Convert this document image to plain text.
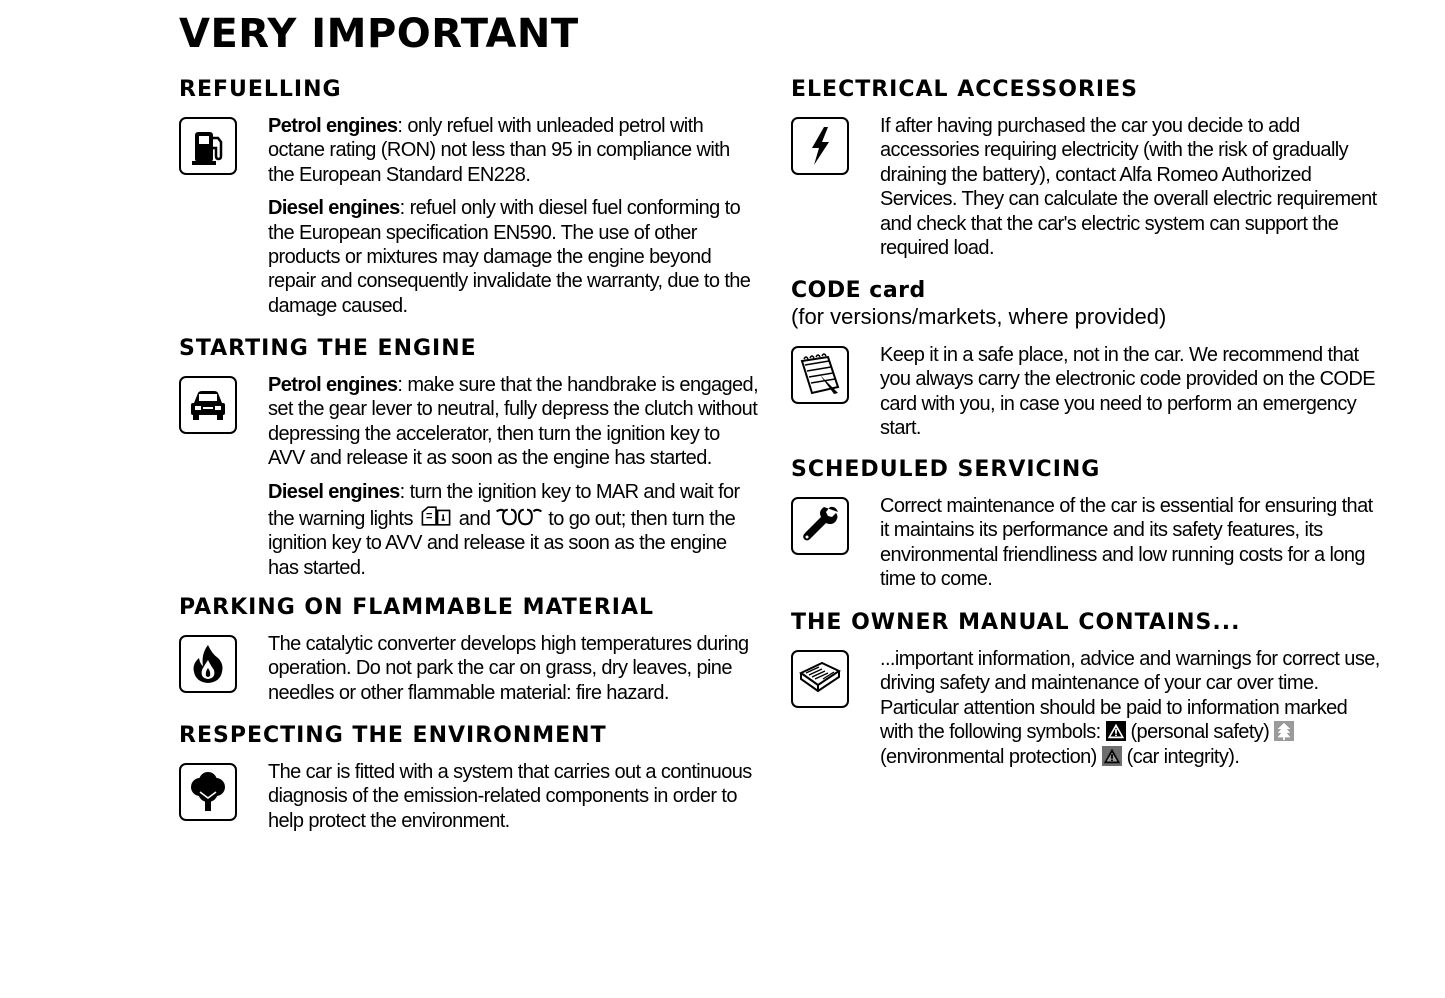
VERY IMPORTANT
REFUELLING

Petrol engines: only refuel with unleaded petrol with octane rating (RON) not less than 95 in compliance with the European Standard EN228.

Diesel engines: refuel only with diesel fuel conforming to the European specification EN590. The use of other products or mixtures may damage the engine beyond repair and consequently invalidate the warranty, due to the damage caused.

STARTING THE ENGINE

Petrol engines: make sure that the handbrake is engaged, set the gear lever to neutral, fully depress the clutch without depressing the accelerator, then turn the ignition key to AVV and release it as soon as the engine has started.

Diesel engines: turn the ignition key to MAR and wait for the warning lights  and  to go out; then turn the ignition key to AVV and release it as soon as the engine has started.

PARKING ON FLAMMABLE MATERIAL

The catalytic converter develops high temperatures during operation. Do not park the car on grass, dry leaves, pine needles or other flammable material: fire hazard.

RESPECTING THE ENVIRONMENT

The car is fitted with a system that carries out a continuous diagnosis of the emission-related components in order to help protect the environment.

ELECTRICAL ACCESSORIES

If after having purchased the car you decide to add accessories requiring electricity (with the risk of gradually draining the battery), contact Alfa Romeo Authorized Services. They can calculate the overall electric requirement and check that the car's electric system can support the required load.

CODE card
(for versions/markets, where provided)

Keep it in a safe place, not in the car. We recommend that you always carry the electronic code provided on the CODE card with you, in case you need to perform an emergency start.

SCHEDULED SERVICING

Correct maintenance of the car is essential for ensuring that it maintains its performance and its safety features, its environmental friendliness and low running costs for a long time to come.

THE OWNER MANUAL CONTAINS...

...important information, advice and warnings for correct use, driving safety and maintenance of your car over time. Particular attention should be paid to information marked with the following symbols:  (personal safety)  (environmental protection)  (car integrity).
